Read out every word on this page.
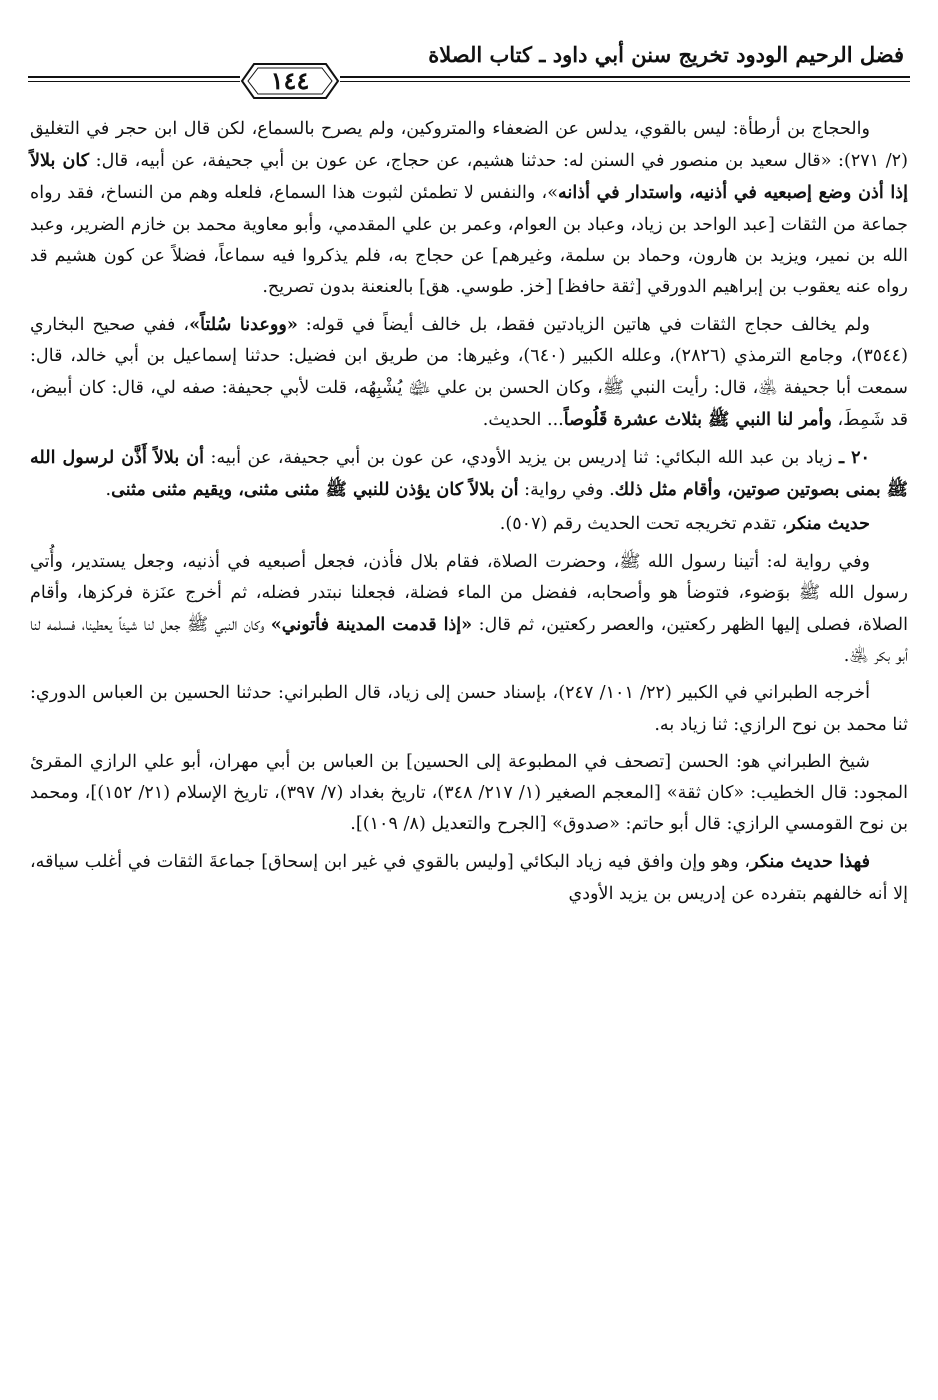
فضل الرحيم الودود تخريج سنن أبي داود ـ كتاب الصلاة
١٤٤

والحجاج بن أرطأة: ليس بالقوي، يدلس عن الضعفاء والمتروكين، ولم يصرح بالسماع، لكن قال ابن حجر في التغليق (٢/ ٢٧١): «قال سعيد بن منصور في السنن له: حدثنا هشيم، عن حجاج، عن عون بن أبي جحيفة، عن أبيه، قال: كان بلالاً إذا أذن وضع إصبعيه في أذنيه، واستدار في أذانه»، والنفس لا تطمئن لثبوت هذا السماع، فلعله وهم من النساخ، فقد رواه جماعة من الثقات [عبد الواحد بن زياد، وعباد بن العوام، وعمر بن علي المقدمي، وأبو معاوية محمد بن خازم الضرير، وعبد الله بن نمير، ويزيد بن هارون، وحماد بن سلمة، وغيرهم] عن حجاج به، فلم يذكروا فيه سماعاً، فضلاً عن كون هشيم قد رواه عنه يعقوب بن إبراهيم الدورقي [ثقة حافظ] [خز. طوسي. هق] بالعنعنة بدون تصريح.

ولم يخالف حجاج الثقات في هاتين الزيادتين فقط، بل خالف أيضاً في قوله: «ووعدنا سُلتاً»، ففي صحيح البخاري (٣٥٤٤)، وجامع الترمذي (٢٨٢٦)، وعلله الكبير (٦٤٠)، وغيرها: من طريق ابن فضيل: حدثنا إسماعيل بن أبي خالد، قال: سمعت أبا جحيفة ﵁، قال: رأيت النبي ﷺ، وكان الحسن بن علي ﵉ يُشْبِهُه، قلت لأبي جحيفة: صفه لي، قال: كان أبيض، قد شَمِطَ، وأمر لنا النبي ﷺ بثلاث عشرة قَلُوصاً... الحديث.

٢٠ ـ زياد بن عبد الله البكائي: ثنا إدريس بن يزيد الأودي، عن عون بن أبي جحيفة، عن أبيه: أن بلالاً أَذَّن لرسول الله ﷺ بمنى بصوتين صوتين، وأقام مثل ذلك. وفي رواية: أن بلالاً كان يؤذن للنبي ﷺ مثنى مثنى، ويقيم مثنى مثنى.

حديث منكر، تقدم تخريجه تحت الحديث رقم (٥٠٧).

وفي رواية له: أتينا رسول الله ﷺ، وحضرت الصلاة، فقام بلال فأذن، فجعل أصبعيه في أذنيه، وجعل يستدير، وأُتي رسول الله ﷺ بوَضوء، فتوضأ هو وأصحابه، ففضل من الماء فضلة، فجعلنا نبتدر فضله، ثم أخرج عنَزة فركزها، وأقام الصلاة، فصلى إليها الظهر ركعتين، والعصر ركعتين، ثم قال: «إذا قدمت المدينة فأتوني» وكان النبي ﷺ جعل لنا شيئاً يعطينا، فسلمه لنا أبو بكر ﵁.

أخرجه الطبراني في الكبير (٢٢/ ١٠١/ ٢٤٧)، بإسناد حسن إلى زياد، قال الطبراني: حدثنا الحسين بن العباس الدوري: ثنا محمد بن نوح الرازي: ثنا زياد به.

شيخ الطبراني هو: الحسن [تصحف في المطبوعة إلى الحسين] بن العباس بن أبي مهران، أبو علي الرازي المقرئ المجود: قال الخطيب: «كان ثقة» [المعجم الصغير (١/ ٢١٧/ ٣٤٨)، تاريخ بغداد (٧/ ٣٩٧)، تاريخ الإسلام (٢١/ ١٥٢)]، ومحمد بن نوح القومسي الرازي: قال أبو حاتم: «صدوق» [الجرح والتعديل (٨/ ١٠٩)].

فهذا حديث منكر، وهو وإن وافق فيه زياد البكائي [وليس بالقوي في غير ابن إسحاق] جماعةَ الثقات في أغلب سياقه، إلا أنه خالفهم بتفرده عن إدريس بن يزيد الأودي
